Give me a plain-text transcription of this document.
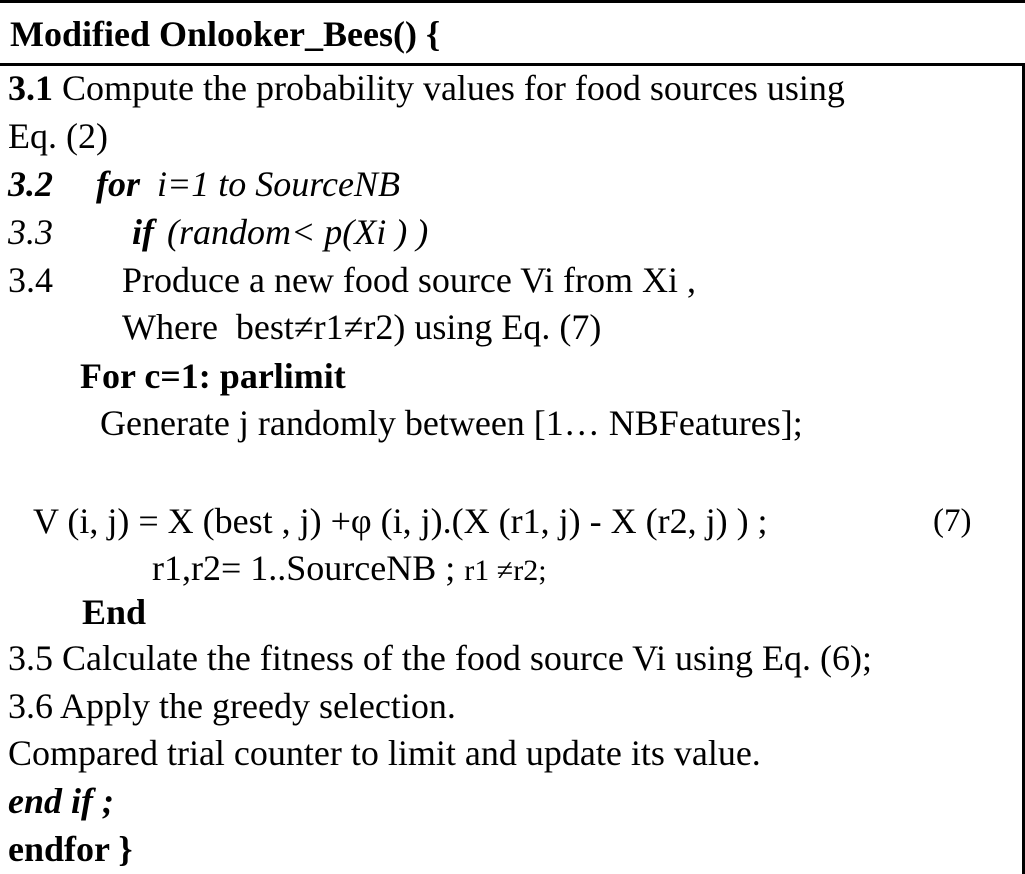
Modified Onlooker_Bees() {
3.1 Compute the probability values for food sources using
Eq. (2)
3.2 for i=1 to SourceNB
3.3 if (random< p(Xi ) )
3.4 Produce a new food source Vi from Xi ,
Where  best≠r1≠r2) using Eq. (7)
For c=1: parlimit
Generate j randomly between [1… NBFeatures];
V (i, j) = X (best , j) +φ (i, j).(X (r1, j) - X (r2, j) ) ;	(7)
r1,r2= 1..SourceNB ; r1 ≠r2;
End
3.5 Calculate the fitness of the food source Vi using Eq. (6);
3.6 Apply the greedy selection.
Compared trial counter to limit and update its value.
end if ;
endfor }
